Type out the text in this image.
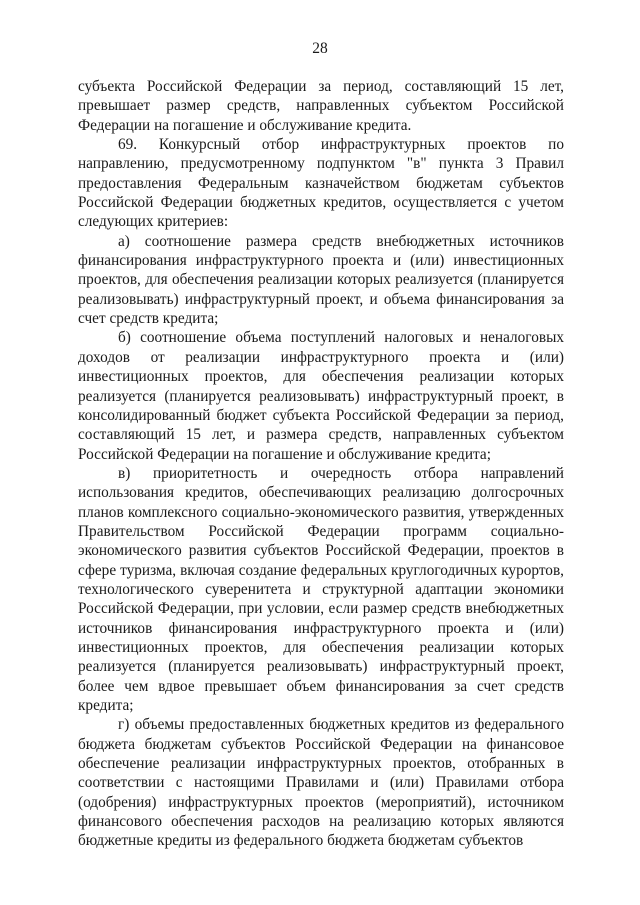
28

субъекта Российской Федерации за период, составляющий 15 лет, превышает размер средств, направленных субъектом Российской Федерации на погашение и обслуживание кредита.

69. Конкурсный отбор инфраструктурных проектов по направлению, предусмотренному подпунктом "в" пункта 3 Правил предоставления Федеральным казначейством бюджетам субъектов Российской Федерации бюджетных кредитов, осуществляется с учетом следующих критериев:

а) соотношение размера средств внебюджетных источников финансирования инфраструктурного проекта и (или) инвестиционных проектов, для обеспечения реализации которых реализуется (планируется реализовывать) инфраструктурный проект, и объема финансирования за счет средств кредита;

б) соотношение объема поступлений налоговых и неналоговых доходов от реализации инфраструктурного проекта и (или) инвестиционных проектов, для обеспечения реализации которых реализуется (планируется реализовывать) инфраструктурный проект, в консолидированный бюджет субъекта Российской Федерации за период, составляющий 15 лет, и размера средств, направленных субъектом Российской Федерации на погашение и обслуживание кредита;

в) приоритетность и очередность отбора направлений использования кредитов, обеспечивающих реализацию долгосрочных планов комплексного социально-экономического развития, утвержденных Правительством Российской Федерации программ социально-экономического развития субъектов Российской Федерации, проектов в сфере туризма, включая создание федеральных круглогодичных курортов, технологического суверенитета и структурной адаптации экономики Российской Федерации, при условии, если размер средств внебюджетных источников финансирования инфраструктурного проекта и (или) инвестиционных проектов, для обеспечения реализации которых реализуется (планируется реализовывать) инфраструктурный проект, более чем вдвое превышает объем финансирования за счет средств кредита;

г) объемы предоставленных бюджетных кредитов из федерального бюджета бюджетам субъектов Российской Федерации на финансовое обеспечение реализации инфраструктурных проектов, отобранных в соответствии с настоящими Правилами и (или) Правилами отбора (одобрения) инфраструктурных проектов (мероприятий), источником финансового обеспечения расходов на реализацию которых являются бюджетные кредиты из федерального бюджета бюджетам субъектов
